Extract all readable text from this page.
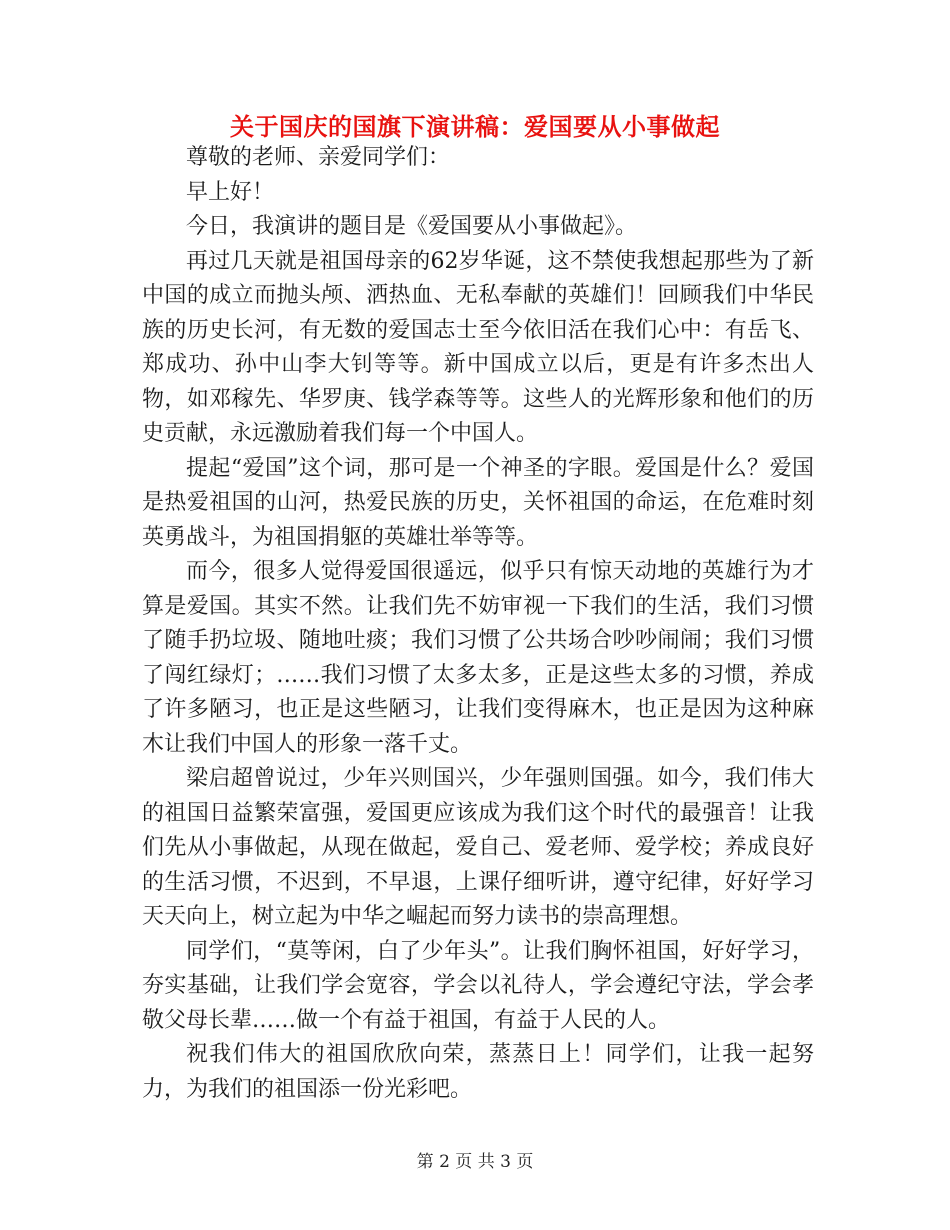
关于国庆的国旗下演讲稿：爱国要从小事做起

尊敬的老师、亲爱同学们：

早上好！

今日，我演讲的题目是《爱国要从小事做起》。

再过几天就是祖国母亲的62岁华诞，这不禁使我想起那些为了新中国的成立而抛头颅、洒热血、无私奉献的英雄们！回顾我们中华民族的历史长河，有无数的爱国志士至今依旧活在我们心中：有岳飞、郑成功、孙中山李大钊等等。新中国成立以后，更是有许多杰出人物，如邓稼先、华罗庚、钱学森等等。这些人的光辉形象和他们的历史贡献，永远激励着我们每一个中国人。

提起“爱国”这个词，那可是一个神圣的字眼。爱国是什么？爱国是热爱祖国的山河，热爱民族的历史，关怀祖国的命运，在危难时刻英勇战斗，为祖国捐躯的英雄壮举等等。

而今，很多人觉得爱国很遥远，似乎只有惊天动地的英雄行为才算是爱国。其实不然。让我们先不妨审视一下我们的生活，我们习惯了随手扔垃圾、随地吐痰；我们习惯了公共场合吵吵闹闹；我们习惯了闯红绿灯；……我们习惯了太多太多，正是这些太多的习惯，养成了许多陋习，也正是这些陋习，让我们变得麻木，也正是因为这种麻木让我们中国人的形象一落千丈。

梁启超曾说过，少年兴则国兴，少年强则国强。如今，我们伟大的祖国日益繁荣富强，爱国更应该成为我们这个时代的最强音！让我们先从小事做起，从现在做起，爱自己、爱老师、爱学校；养成良好的生活习惯，不迟到，不早退，上课仔细听讲，遵守纪律，好好学习天天向上，树立起为中华之崛起而努力读书的崇高理想。

同学们，“莫等闲，白了少年头”。让我们胸怀祖国，好好学习，夯实基础，让我们学会宽容，学会以礼待人，学会遵纪守法，学会孝敬父母长辈……做一个有益于祖国，有益于人民的人。

祝我们伟大的祖国欣欣向荣，蒸蒸日上！同学们，让我一起努力，为我们的祖国添一份光彩吧。

第 2 页 共 3 页
